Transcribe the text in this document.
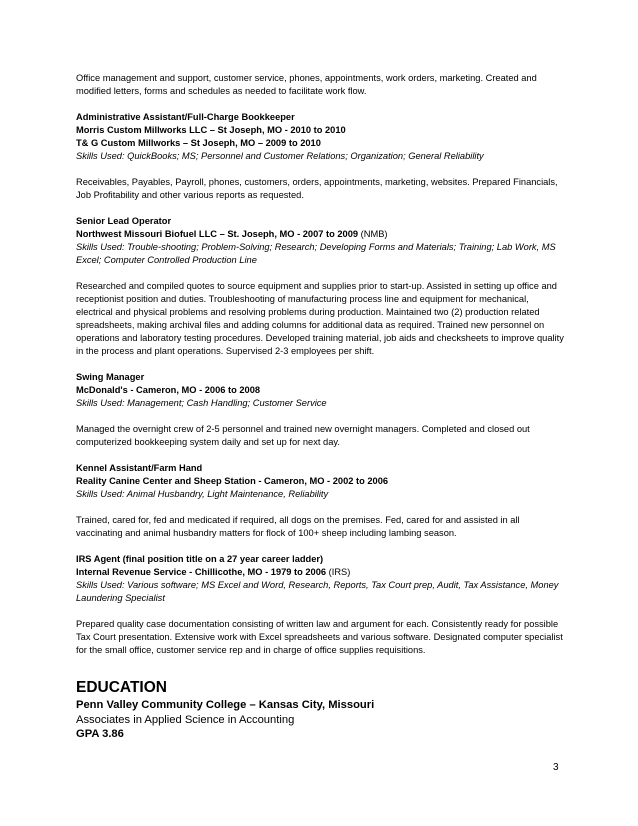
Office management and support, customer service, phones, appointments, work orders, marketing. Created and modified letters, forms and schedules as needed to facilitate work flow.

Administrative Assistant/Full-Charge Bookkeeper

Morris Custom Millworks LLC – St Joseph, MO - 2010 to 2010

T& G Custom Millworks – St Joseph, MO – 2009 to 2010

Skills Used: QuickBooks; MS; Personnel and Customer Relations; Organization; General Reliability

Receivables, Payables, Payroll, phones, customers, orders, appointments, marketing, websites. Prepared Financials, Job Profitability and other various reports as requested.

Senior Lead Operator

Northwest Missouri Biofuel LLC – St. Joseph, MO - 2007 to 2009 (NMB)

Skills Used: Trouble-shooting; Problem-Solving; Research; Developing Forms and Materials; Training; Lab Work, MS Excel; Computer Controlled Production Line

Researched and compiled quotes to source equipment and supplies prior to start-up. Assisted in setting up office and receptionist position and duties. Troubleshooting of manufacturing process line and equipment for mechanical, electrical and physical problems and resolving problems during production. Maintained two (2) production related spreadsheets, making archival files and adding columns for additional data as required. Trained new personnel on operations and laboratory testing procedures. Developed training material, job aids and checksheets to improve quality in the process and plant operations. Supervised 2-3 employees per shift.

Swing Manager

McDonald's - Cameron, MO - 2006 to 2008

Skills Used: Management; Cash Handling; Customer Service

Managed the overnight crew of 2-5 personnel and trained new overnight managers. Completed and closed out computerized bookkeeping system daily and set up for next day.

Kennel Assistant/Farm Hand

Reality Canine Center and Sheep Station - Cameron, MO - 2002 to 2006

Skills Used: Animal Husbandry, Light Maintenance, Reliability

Trained, cared for, fed and medicated if required, all dogs on the premises. Fed, cared for and assisted in all vaccinating and animal husbandry matters for flock of 100+ sheep including lambing season.

IRS Agent (final position title on a 27 year career ladder)

Internal Revenue Service - Chillicothe, MO - 1979 to 2006 (IRS)

Skills Used: Various software; MS Excel and Word, Research, Reports, Tax Court prep, Audit, Tax Assistance, Money Laundering Specialist

Prepared quality case documentation consisting of written law and argument for each. Consistently ready for possible Tax Court presentation. Extensive work with Excel spreadsheets and various software. Designated computer specialist for the small office, customer service rep and in charge of office supplies requisitions.

EDUCATION

Penn Valley Community College – Kansas City, Missouri

Associates in Applied Science in Accounting

GPA 3.86

3
